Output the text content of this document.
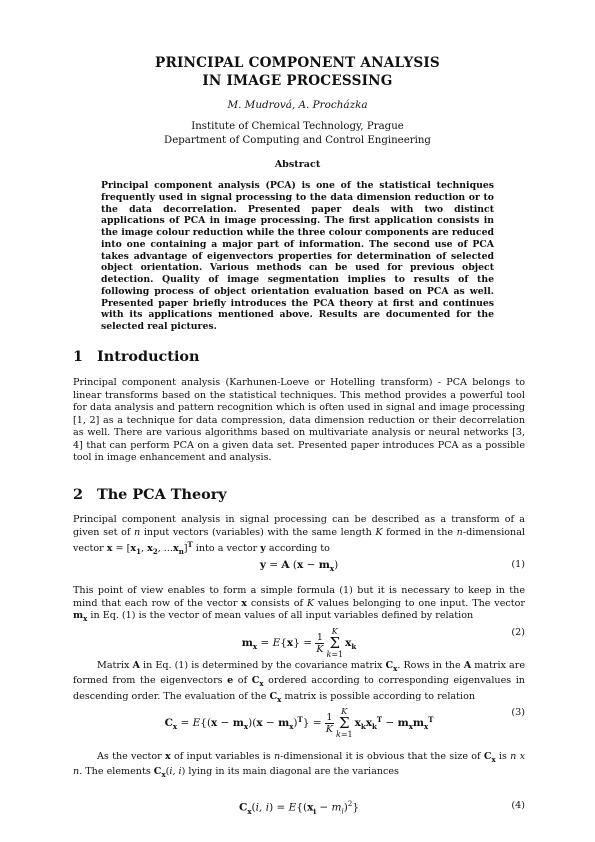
PRINCIPAL COMPONENT ANALYSIS
IN IMAGE PROCESSING
M. Mudrová, A. Procházka
Institute of Chemical Technology, Prague
Department of Computing and Control Engineering
Abstract
Principal component analysis (PCA) is one of the statistical techniques frequently used in signal processing to the data dimension reduction or to the data decorrelation. Presented paper deals with two distinct applications of PCA in image processing. The first application consists in the image colour reduction while the three colour components are reduced into one containing a major part of information. The second use of PCA takes advantage of eigenvectors properties for determination of selected object orientation. Various methods can be used for previous object detection. Quality of image segmentation implies to results of the following process of object orientation evaluation based on PCA as well. Presented paper briefly introduces the PCA theory at first and continues with its applications mentioned above. Results are documented for the selected real pictures.
1 Introduction

Principal component analysis (Karhunen-Loeve or Hotelling transform) - PCA belongs to linear transforms based on the statistical techniques. This method provides a powerful tool for data analysis and pattern recognition which is often used in signal and image processing [1, 2] as a technique for data compression, data dimension reduction or their decorrelation as well. There are various algorithms based on multivariate analysis or neural networks [3, 4] that can perform PCA on a given data set. Presented paper introduces PCA as a possible tool in image enhancement and analysis.

2 The PCA Theory

Principal component analysis in signal processing can be described as a transform of a given set of n input vectors (variables) with the same length K formed in the n-dimensional vector $x = [x_1$, $x_2$, $...x_n]^T$ into a vector y according to

y = A $(x - m_x)$	(1)

This point of view enables to form a simple formula (1) but it is necessary to keep in the mind that each row of the vector x consists of K values belonging to one input. The vector $m_x$ in Eq. (1) is the vector of mean values of all input variables defined by relation

$m_x = E\{x\} = \frac{1}{K}$ K
Σ
$k=1x_k$
(2)

Matrix A in Eq. (1) is determined by the covariance matrix $C_x$. Rows in the A matrix are formed from the eigenvectors e of $C_x$ ordered according to corresponding eigenvalues in descending order. The evaluation of the $C_x$ matrix is possible according to relation

$C_x = E\{(x - m_x)(x - m_x)^T\} = \frac{1}{K}$ K
Σ
$k=1x_kx_k^T - m_xm_x^T$
(3)

As the vector x of input variables is n-dimensional it is obvious that the size of $C_x$ is n x n. The elements $C_x(i$, i) lying in its main diagonal are the variances

$C_x(i$, $i) = E\{(x_i - m_i)^2\}$	(4)
